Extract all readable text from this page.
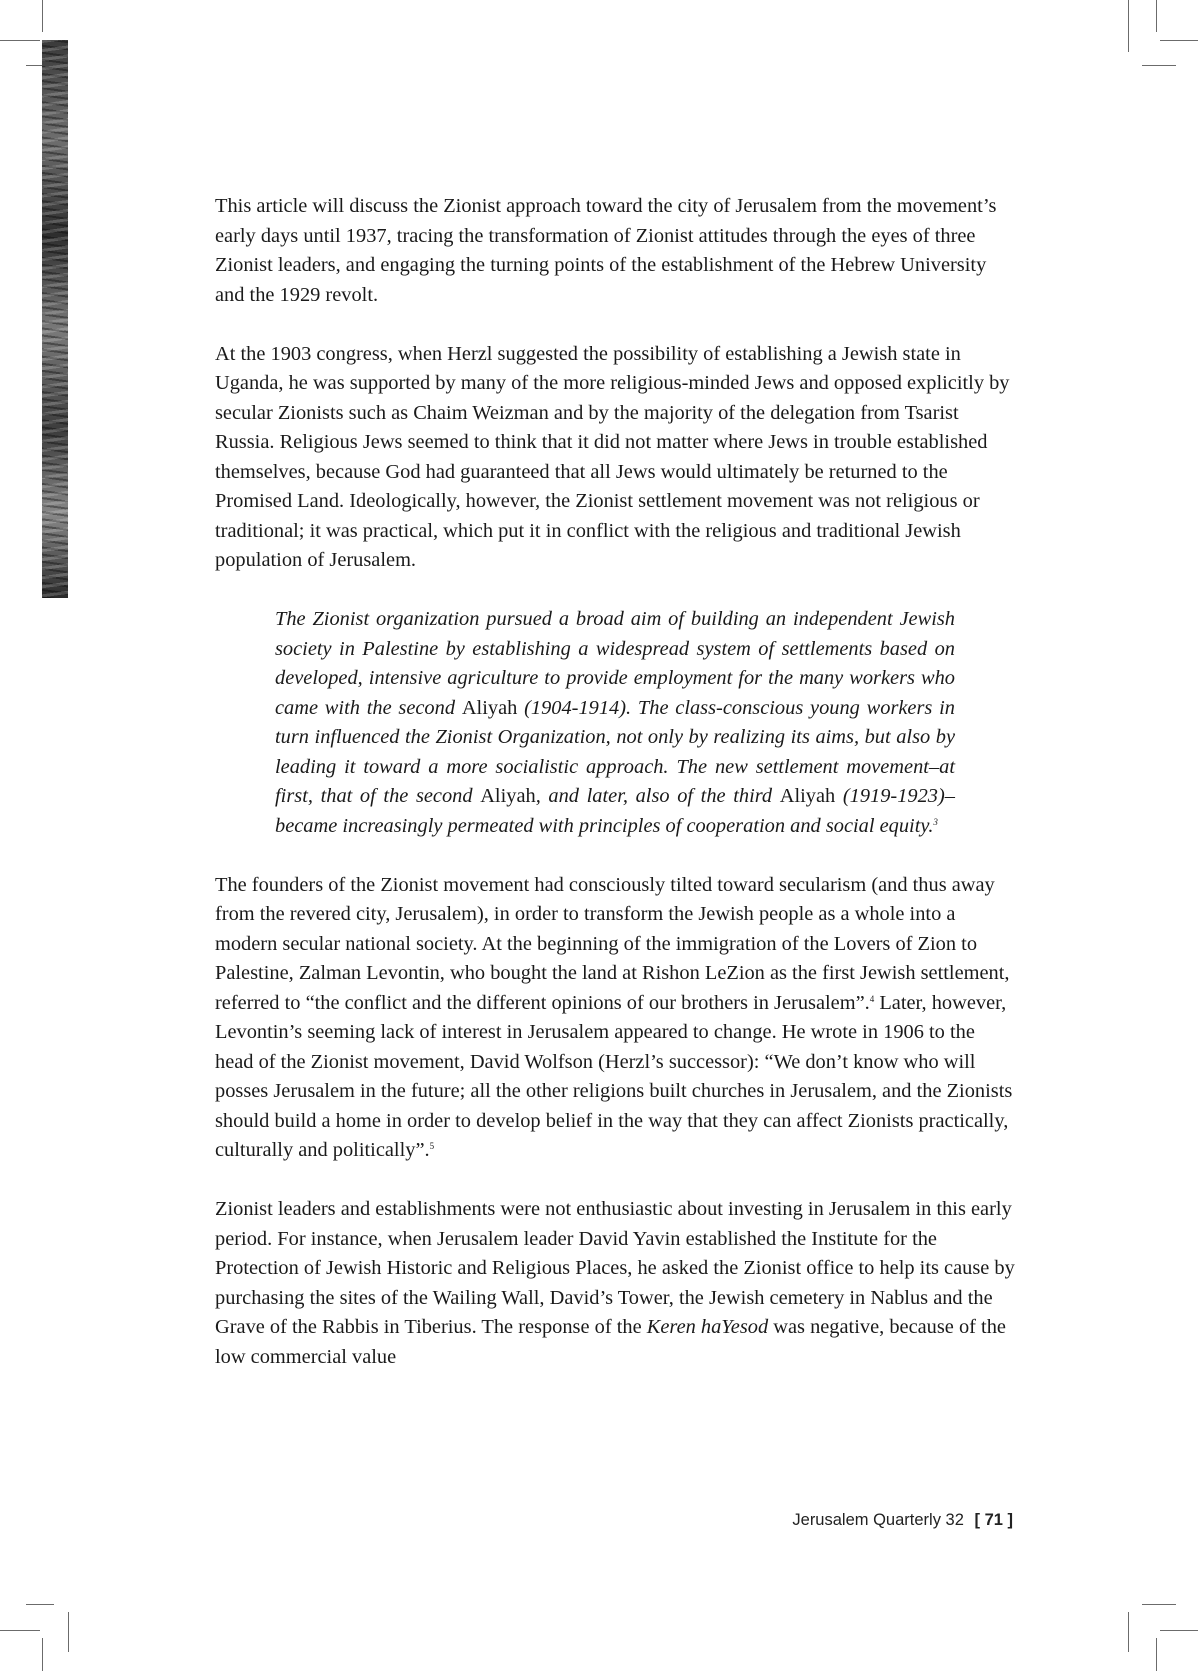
This article will discuss the Zionist approach toward the city of Jerusalem from the movement’s early days until 1937, tracing the transformation of Zionist attitudes through the eyes of three Zionist leaders, and engaging the turning points of the establishment of the Hebrew University and the 1929 revolt.

At the 1903 congress, when Herzl suggested the possibility of establishing a Jewish state in Uganda, he was supported by many of the more religious-minded Jews and opposed explicitly by secular Zionists such as Chaim Weizman and by the majority of the delegation from Tsarist Russia. Religious Jews seemed to think that it did not matter where Jews in trouble established themselves, because God had guaranteed that all Jews would ultimately be returned to the Promised Land. Ideologically, however, the Zionist settlement movement was not religious or traditional; it was practical, which put it in conflict with the religious and traditional Jewish population of Jerusalem.

The Zionist organization pursued a broad aim of building an independent Jewish society in Palestine by establishing a widespread system of settlements based on developed, intensive agriculture to provide employment for the many workers who came with the second Aliyah (1904-1914). The class-conscious young workers in turn influenced the Zionist Organization, not only by realizing its aims, but also by leading it toward a more socialistic approach. The new settlement movement–at first, that of the second Aliyah, and later, also of the third Aliyah (1919-1923)–became increasingly permeated with principles of cooperation and social equity.$^3$

The founders of the Zionist movement had consciously tilted toward secularism (and thus away from the revered city, Jerusalem), in order to transform the Jewish people as a whole into a modern secular national society. At the beginning of the immigration of the Lovers of Zion to Palestine, Zalman Levontin, who bought the land at Rishon LeZion as the first Jewish settlement, referred to “the conflict and the different opinions of our brothers in Jerusalem”.$^4$ Later, however, Levontin’s seeming lack of interest in Jerusalem appeared to change. He wrote in 1906 to the head of the Zionist movement, David Wolfson (Herzl’s successor): “We don’t know who will posses Jerusalem in the future; all the other religions built churches in Jerusalem, and the Zionists should build a home in order to develop belief in the way that they can affect Zionists practically, culturally and politically”.$^5$

Zionist leaders and establishments were not enthusiastic about investing in Jerusalem in this early period. For instance, when Jerusalem leader David Yavin established the Institute for the Protection of Jewish Historic and Religious Places, he asked the Zionist office to help its cause by purchasing the sites of the Wailing Wall, David’s Tower, the Jewish cemetery in Nablus and the Grave of the Rabbis in Tiberius. The response of the Keren haYesod was negative, because of the low commercial value

Jerusalem Quarterly 32 [ 71 ]
